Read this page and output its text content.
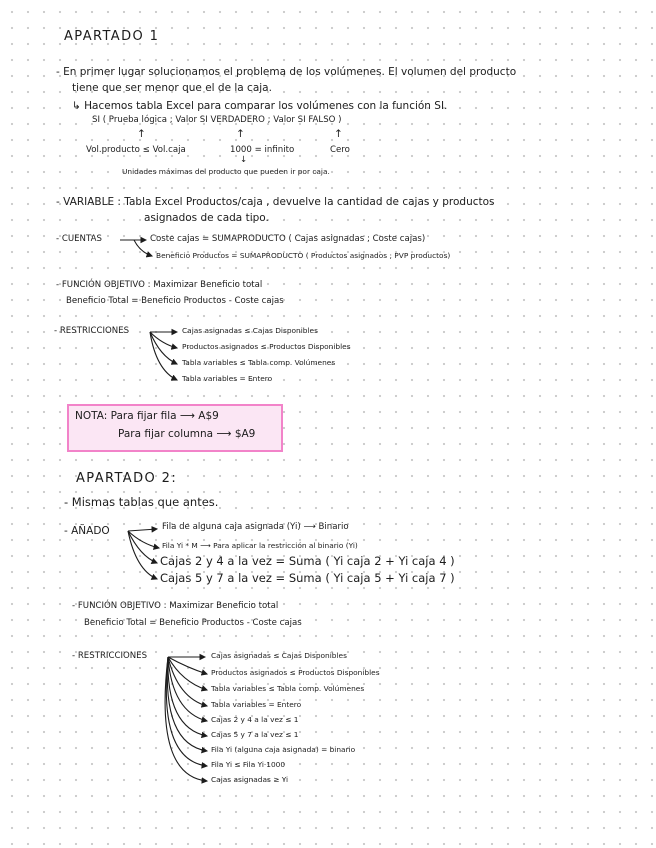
APARTADO 1
- En primer lugar solucionamos el problema de los volúmenes. El volumen del producto
tiene que ser menor que el de la caja.
↳ Hacemos tabla Excel para comparar los volúmenes con la función SI.
SI ( Prueba lógica ; Valor SI VERDADERO ; Valor SI FALSO )
↑	↑	↑
Vol.producto ≤ Vol.caja	1000 = infinito	Cero
↓
Unidades máximas del producto que pueden ir por caja.
- VARIABLE : Tabla Excel Productos/caja , devuelve la cantidad de cajas y productos
asignados de cada tipo.
- CUENTAS	Coste cajas = SUMAPRODUCTO ( Cajas asignadas ; Coste cajas)
Beneficio Productos = SUMAPRODUCTO ( Productos asignados ; PVP productos)
- FUNCIÓN OBJETIVO : Maximizar Beneficio total
Beneficio Total = Beneficio Productos - Coste cajas
- RESTRICCIONES	Cajas asignadas ≤ Cajas Disponibles
Productos asignados ≤ Productos Disponibles
Tabla variables ≤ Tabla comp. Volúmenes
Tabla variables = Entero
NOTA: Para fijar fila ⟶ A$9
Para fijar columna ⟶ $A9
APARTADO 2:
- Mismas tablas que antes.
- AÑADO	Fila de alguna caja asignada (Yi) ⟶ Binario
Fila Yi * M ⟶ Para aplicar la restricción al binario (Yi)
Cajas 2 y 4 a la vez = Suma ( Yi caja 2 + Yi caja 4 )
Cajas 5 y 7 a la vez = Suma ( Yi caja 5 + Yi caja 7 )
- FUNCIÓN OBJETIVO : Maximizar Beneficio total
Beneficio Total = Beneficio Productos - Coste cajas
- RESTRICCIONES	Cajas asignadas ≤ Cajas Disponibles
Productos asignados ≤ Productos Disponibles
Tabla variables ≤ Tabla comp. Volúmenes
Tabla variables = Entero
Cajas 2 y 4 a la vez ≤ 1
Cajas 5 y 7 a la vez ≤ 1
Fila Yi (alguna caja asignada) = binario
Fila Yi ≤ Fila Yi·1000
Cajas asignadas ≥ Yi
